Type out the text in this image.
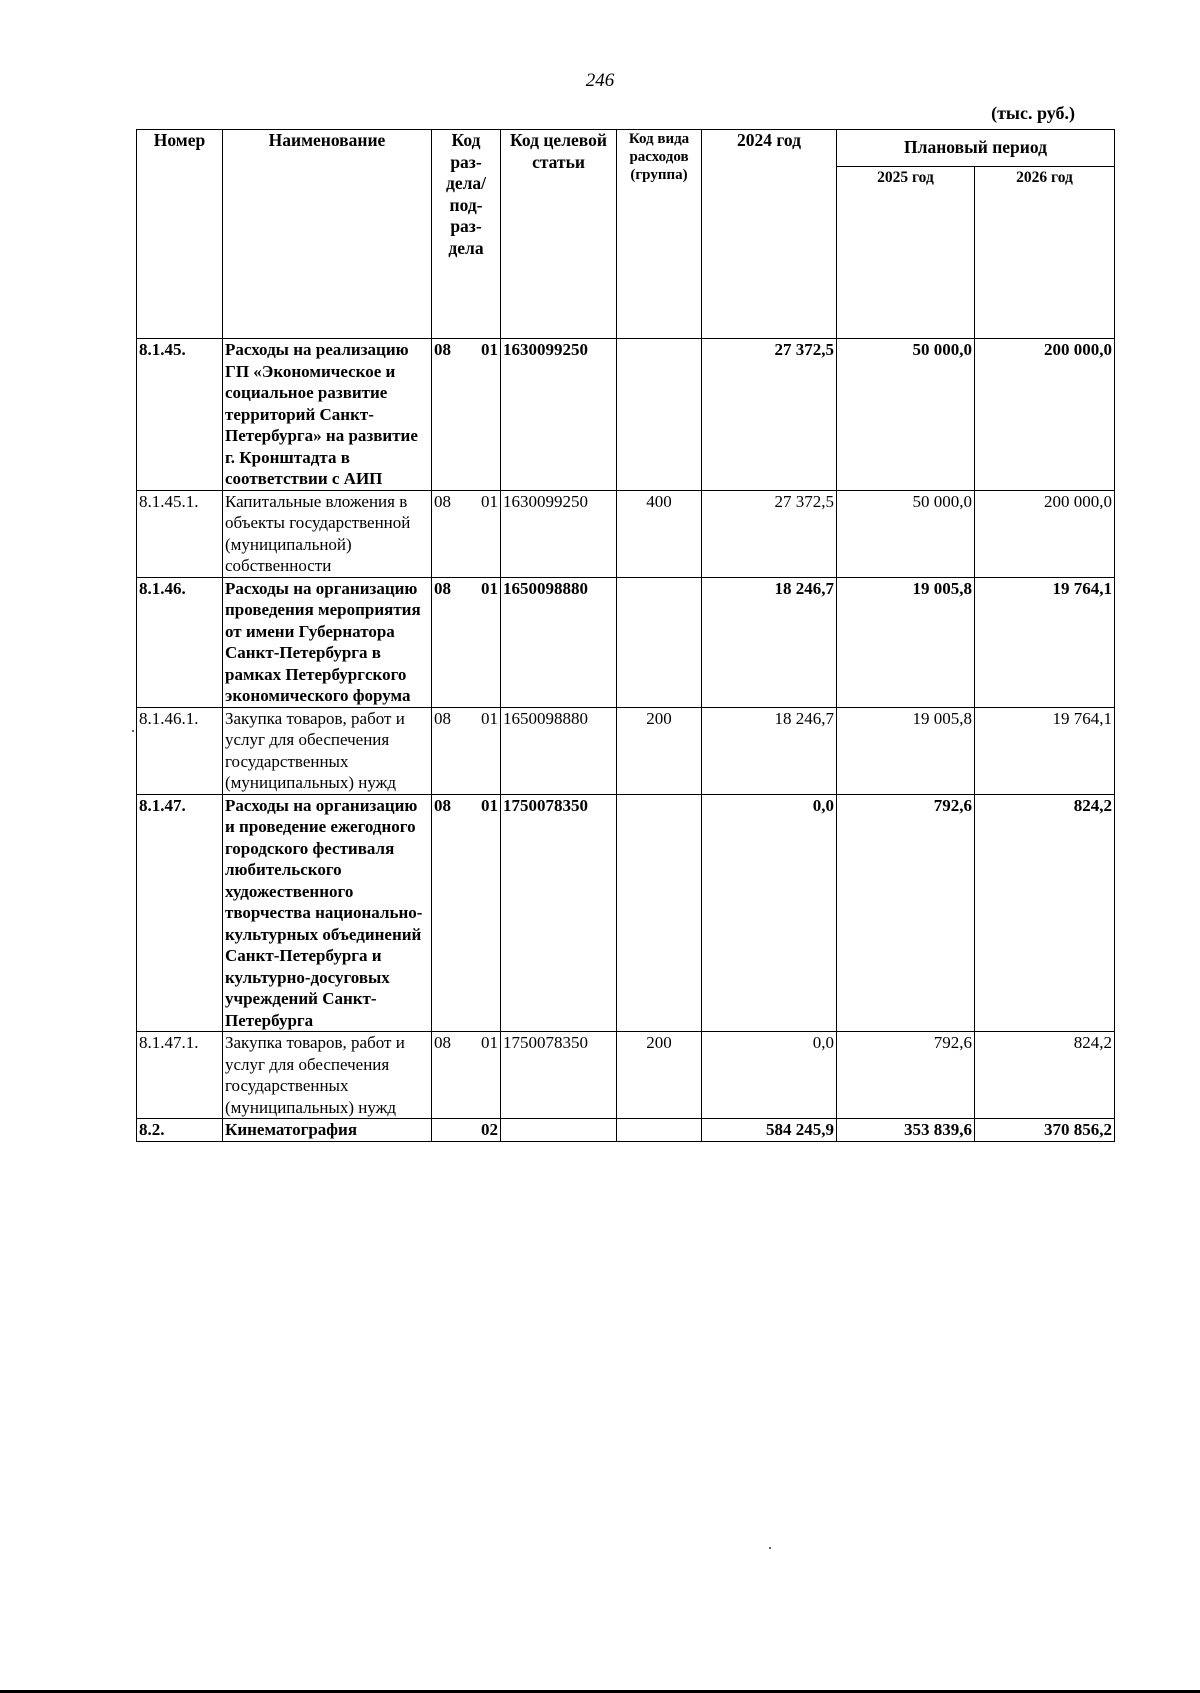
246
(тыс. руб.)
Номер	Наименование	Код раз- дела/ под- раз- дела	Код целевой статьи	Код вида расходов (группа)	2024 год	Плановый период	
						2025 год	2026 год
8.1.45.	Расходы на реализацию ГП «Экономическое и социальное развитие территорий Санкт-Петербурга» на развитие г. Кронштадта в соответствии с АИП	08 01	1630099250		27 372,5	50 000,0	200 000,0
8.1.45.1.	Капитальные вложения в объекты государственной (муниципальной) собственности	08 01	1630099250	400	27 372,5	50 000,0	200 000,0
8.1.46.	Расходы на организацию проведения мероприятия от имени Губернатора Санкт-Петербурга в рамках Петербургского экономического форума	08 01	1650098880		18 246,7	19 005,8	19 764,1
8.1.46.1.	Закупка товаров, работ и услуг для обеспечения государственных (муниципальных) нужд	08 01	1650098880	200	18 246,7	19 005,8	19 764,1
8.1.47.	Расходы на организацию и проведение ежегодного городского фестиваля любительского художественного творчества национально-культурных объединений Санкт-Петербурга и культурно-досуговых учреждений Санкт-Петербурга	08 01	1750078350		0,0	792,6	824,2
8.1.47.1.	Закупка товаров, работ и услуг для обеспечения государственных (муниципальных) нужд	08 01	1750078350	200	0,0	792,6	824,2
8.2.	Кинематография	02			584 245,9	353 839,6	370 856,2
